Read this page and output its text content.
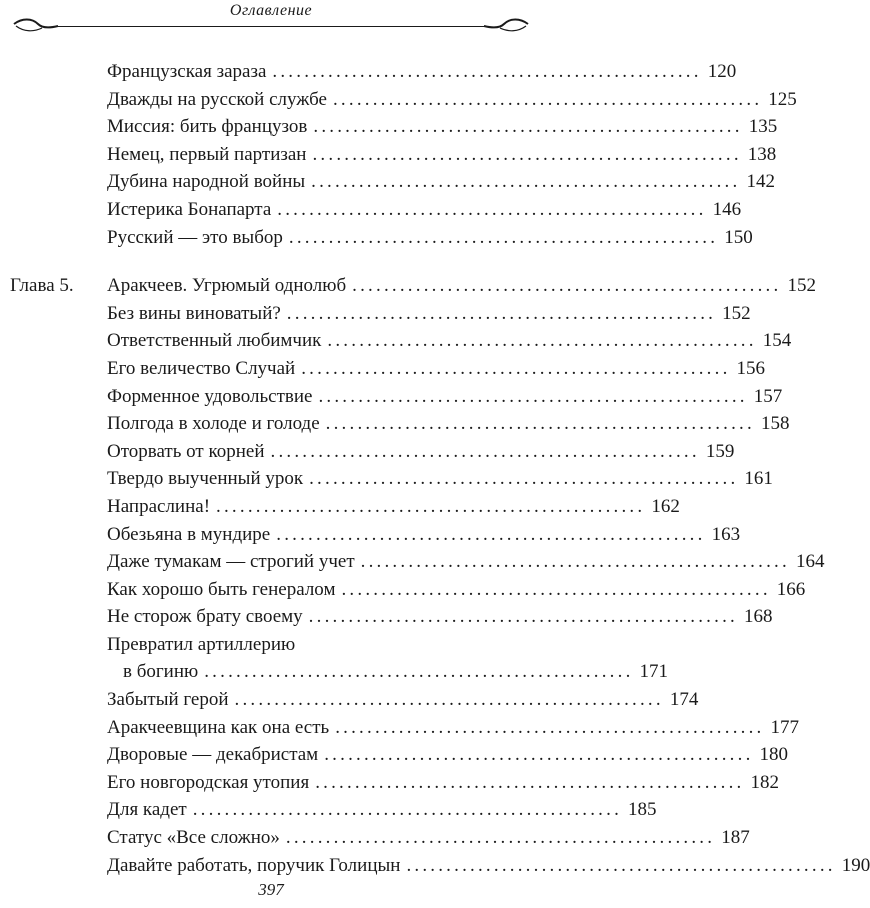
Оглавление
Французская зараза ...................................................... 120
Дважды на русской службе ...................................................... 125
Миссия: бить французов ...................................................... 135
Немец, первый партизан ...................................................... 138
Дубина народной войны ...................................................... 142
Истерика Бонапарта ...................................................... 146
Русский — это выбор ...................................................... 150
Глава 5. Аракчеев. Угрюмый однолюб ...................................................... 152
Без вины виноватый? ...................................................... 152
Ответственный любимчик ...................................................... 154
Его величество Случай ...................................................... 156
Форменное удовольствие ...................................................... 157
Полгода в холоде и голоде ...................................................... 158
Оторвать от корней ...................................................... 159
Твердо выученный урок ...................................................... 161
Напраслина! ...................................................... 162
Обезьяна в мундире ...................................................... 163
Даже тумакам — строгий учет ...................................................... 164
Как хорошо быть генералом ...................................................... 166
Не сторож брату своему ...................................................... 168
Превратил артиллерию
в богиню ...................................................... 171
Забытый герой ...................................................... 174
Аракчеевщина как она есть ...................................................... 177
Дворовые — декабристам ...................................................... 180
Его новгородская утопия ...................................................... 182
Для кадет ...................................................... 185
Статус «Все сложно» ...................................................... 187
Давайте работать, поручик Голицын ...................................................... 190
397
